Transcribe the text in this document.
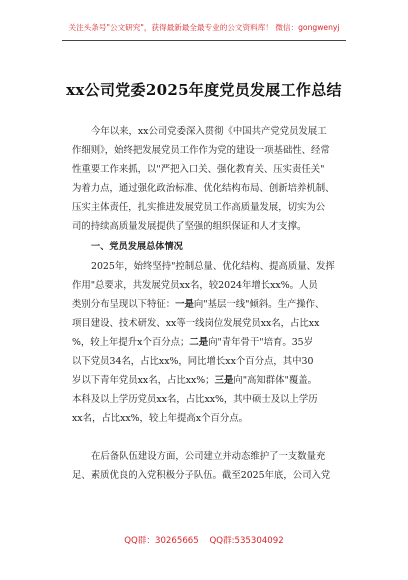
关注头条号"公文研究"，获得最新最全最专业的公文资料库！ 微信：gongwenyj
xx公司党委2025年度党员发展工作总结
今年以来，xx公司党委深入贯彻《中国共产党党员发展工
作细则》，始终把发展党员工作作为党的建设一项基础性、经常
性重要工作来抓，以"严把入口关、强化教育关、压实责任关"
为着力点，通过强化政治标准、优化结构布局、创新培养机制、
压实主体责任，扎实推进发展党员工作高质量发展，切实为公
司的持续高质量发展提供了坚强的组织保证和人才支撑。
一、党员发展总体情况
2025年，始终坚持"控制总量、优化结构、提高质量、发挥
作用"总要求，共发展党员xx名，较2024年增长xx%。人员
类别分布呈现以下特征：一是向"基层一线"倾斜。生产操作、
项目建设、技术研发、xx等一线岗位发展党员xx名，占比xx
%，较上年提升x个百分点；二是向"青年骨干"培育。35岁
以下党员34名，占比xx%，同比增长xx个百分点，其中30
岁以下青年党员xx名，占比xx%；三是向"高知群体"覆盖。
本科及以上学历党员xx名，占比xx%，其中硕士及以上学历
xx名，占比xx%，较上年提高x个百分点。
在后备队伍建设方面，公司建立并动态维护了一支数量充
足、素质优良的入党积极分子队伍。截至2025年底，公司入党
QQ群：30265665 QQ群:535304092
